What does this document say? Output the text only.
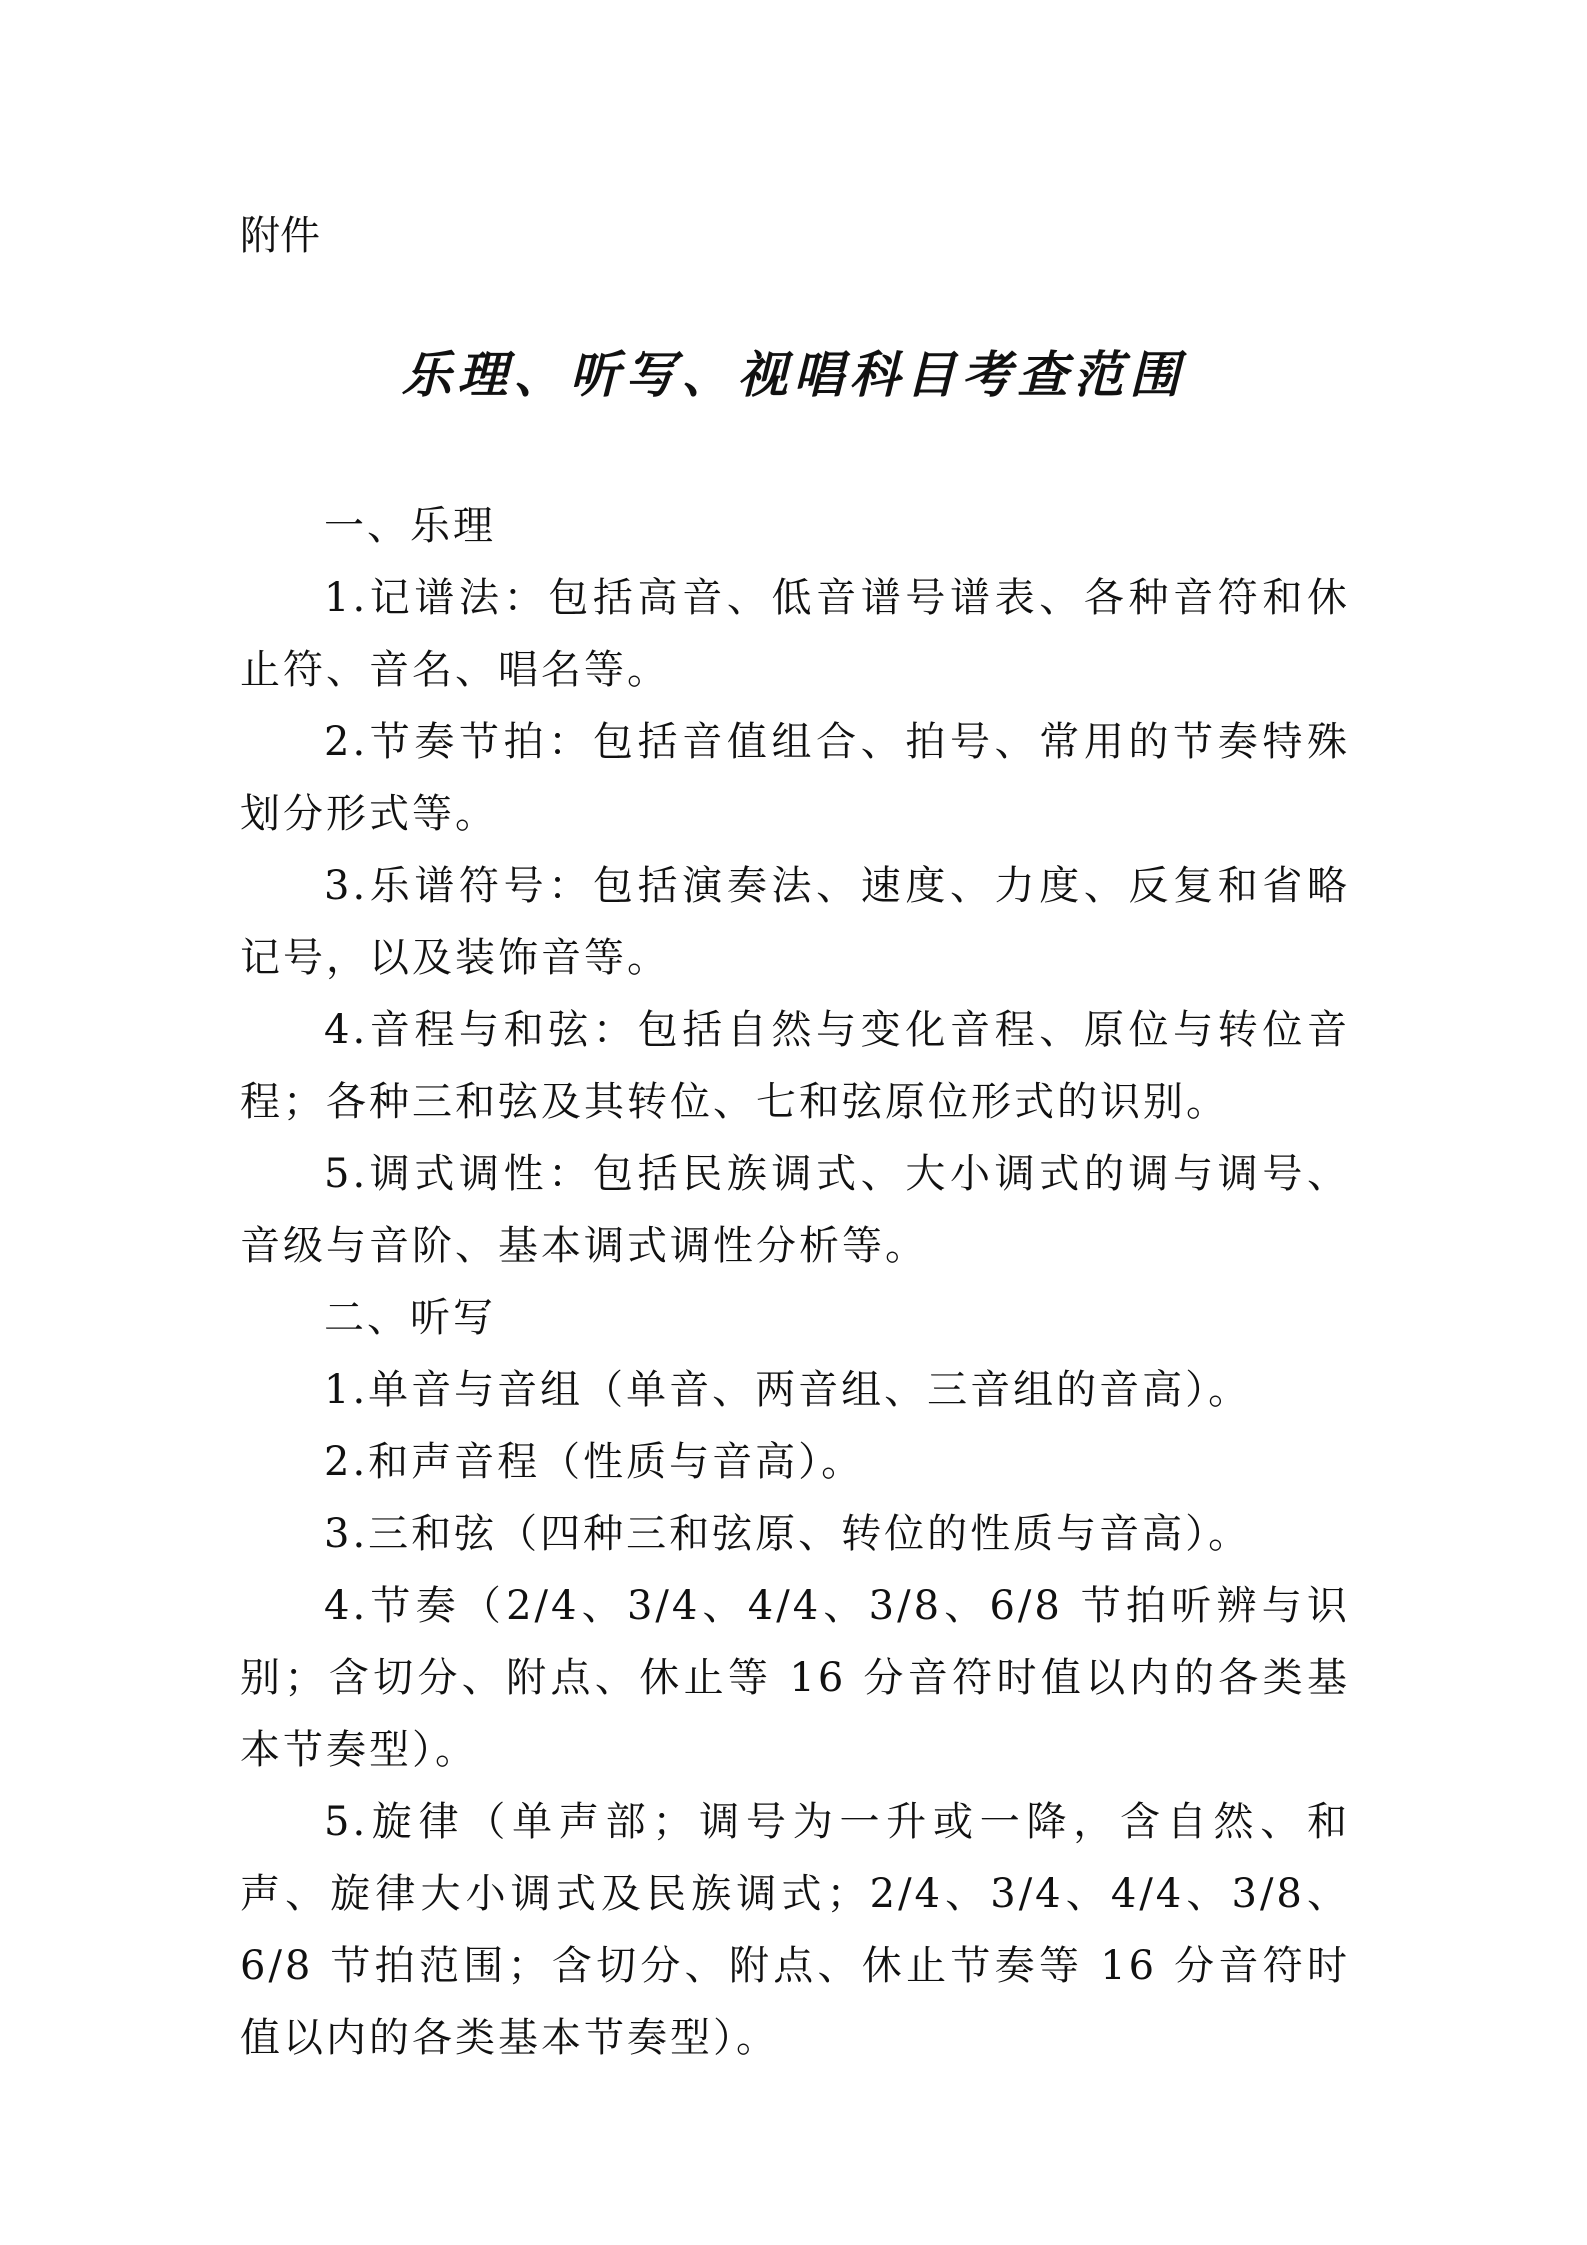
附件
乐理、听写、视唱科目考查范围

一、乐理

1.记谱法：包括高音、低音谱号谱表、各种音符和休止符、音名、唱名等。

2.节奏节拍：包括音值组合、拍号、常用的节奏特殊划分形式等。

3.乐谱符号：包括演奏法、速度、力度、反复和省略记号，以及装饰音等。

4.音程与和弦：包括自然与变化音程、原位与转位音程；各种三和弦及其转位、七和弦原位形式的识别。

5.调式调性：包括民族调式、大小调式的调与调号、音级与音阶、基本调式调性分析等。

二、听写

1.单音与音组（单音、两音组、三音组的音高）。

2.和声音程（性质与音高）。

3.三和弦（四种三和弦原、转位的性质与音高）。

4.节奏（2/4、3/4、4/4、3/8、6/8 节拍听辨与识别；含切分、附点、休止等 16 分音符时值以内的各类基本节奏型）。

5.旋律（单声部；调号为一升或一降，含自然、和声、旋律大小调式及民族调式；2/4、3/4、4/4、3/8、6/8 节拍范围；含切分、附点、休止节奏等 16 分音符时值以内的各类基本节奏型）。
